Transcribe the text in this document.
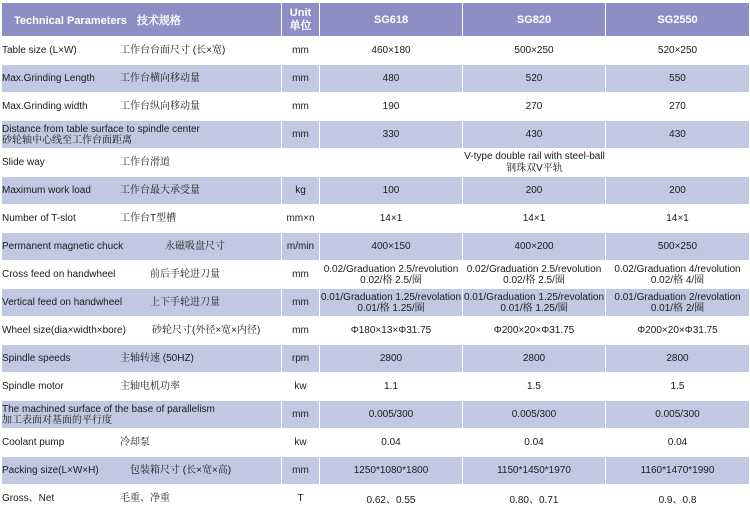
Technical Parameters 技术规格	Unit
单位	SG618	SG820	SG2550
Table size (L×W) 工作台台面尺寸 (长×宽)	mm	460×180	500×250	520×250
Max.Grinding Length 工作台横向移动量	mm	480	520	550
Max.Grinding width 工作台纵向移动量	mm	190	270	270

Distance from table surface to spindle center
砂轮轴中心线至工作台面距离	mm	330	430	430
Slide way 工作台滑道		V-type double rail with steel-ball
钢珠双V平轨		

Maximum work load 工作台最大承受量	kg	100	200	200
Number of T-slot 工作台T型槽	mm×n	14×1	14×1	14×1
Permanent magnetic chuck 永磁吸盘尺寸	m/min	400×150	400×200	500×250
Cross feed on handwheel 前后手轮进刀量	mm	0.02/Graduation 2.5/revolution
0.02/格 2.5/圈	0.02/Graduation 2.5/revolution
0.02/格 2.5/圈	0.02/Graduation 4/revolution
0.02/格 4/圈

Vertical feed on handwheel 上下手轮进刀量	mm	0.01/Graduation 1.25/revolation
0.01/格 1.25/圈	0.01/Graduation 1.25/revolation
0.01/格 1.25/圈	0.01/Graduation 2/revolation
0.01/格 2/圈

Wheel size(dia×width×bore) 砂轮尺寸(外径×宽×内径)	mm	Φ180×13×Φ31.75	Φ200×20×Φ31.75	Φ200×20×Φ31.75
Spindle speeds 主轴转速 (50HZ)	rpm	2800	2800	2800
Spindle motor 主轴电机功率	kw	1.1	1.5	1.5

The machined surface of the base of parallelism
加工表面对基面的平行度	mm	0.005/300	0.005/300	0.005/300
Coolant pump 冷却泵	kw	0.04	0.04	0.04
Packing size(L×W×H) 包装箱尺寸 (长×宽×高)	mm	1250*1080*1800	1150*1450*1970	1160*1470*1990
Gross、Net 毛重、净重	T	0.62、0.55	0.80、0.71	0.9、0.8
